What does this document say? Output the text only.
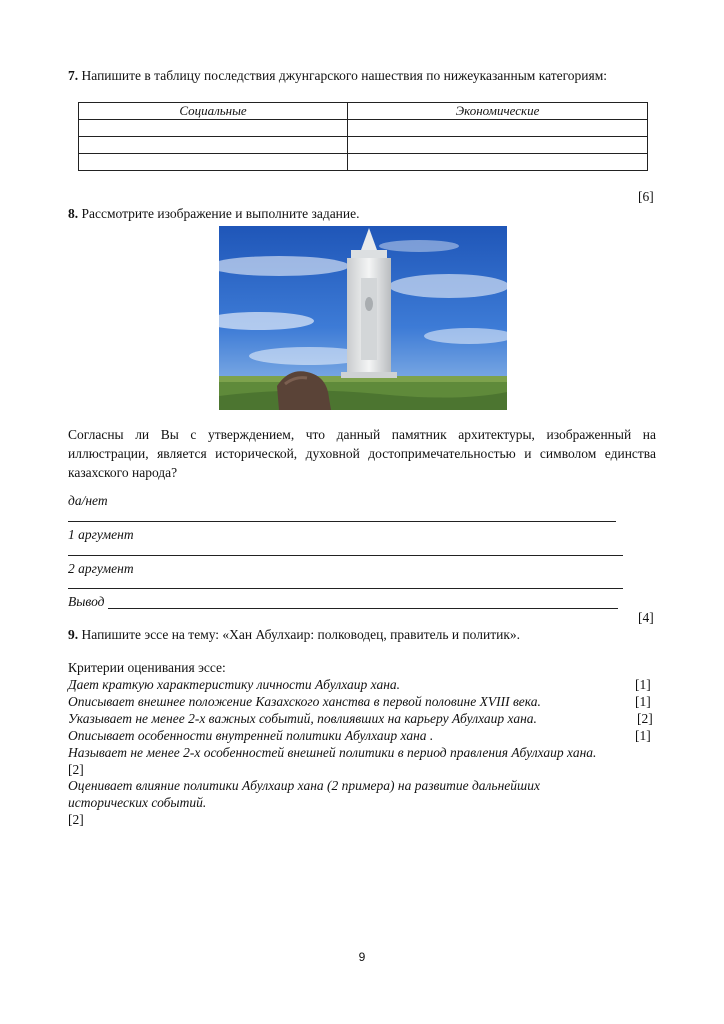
7. Напишите в таблицу последствия джунгарского нашествия по нижеуказанным категориям:
Социальные	Экономические

[6]
8. Рассмотрите изображение и выполните задание.
Согласны ли Вы с утверждением, что данный памятник архитектуры, изображенный на иллюстрации, является исторической, духовной достопримечательностью и символом единства казахского народа?
да/нет
1 аргумент
2 аргумент
Вывод
[4]
9. Напишите эссе на тему: «Хан Абулхаир: полководец, правитель и политик».
Критерии оценивания эссе:
Дает краткую характеристику личности Абулхаир хана.	[1]
Описывает внешнее положение Казахского ханства в первой половине XVIII века.	[1]
Указывает не менее 2-х важных событий, повлиявших на карьеру Абулхаир хана.	[2]
Описывает особенности внутренней политики Абулхаир хана .	[1]
Называет не менее 2-х особенностей внешней политики в период правления Абулхаир хана.
[2]
Оценивает влияние политики Абулхаир хана (2 примера) на развитие дальнейших
исторических событий.
[2]
9
